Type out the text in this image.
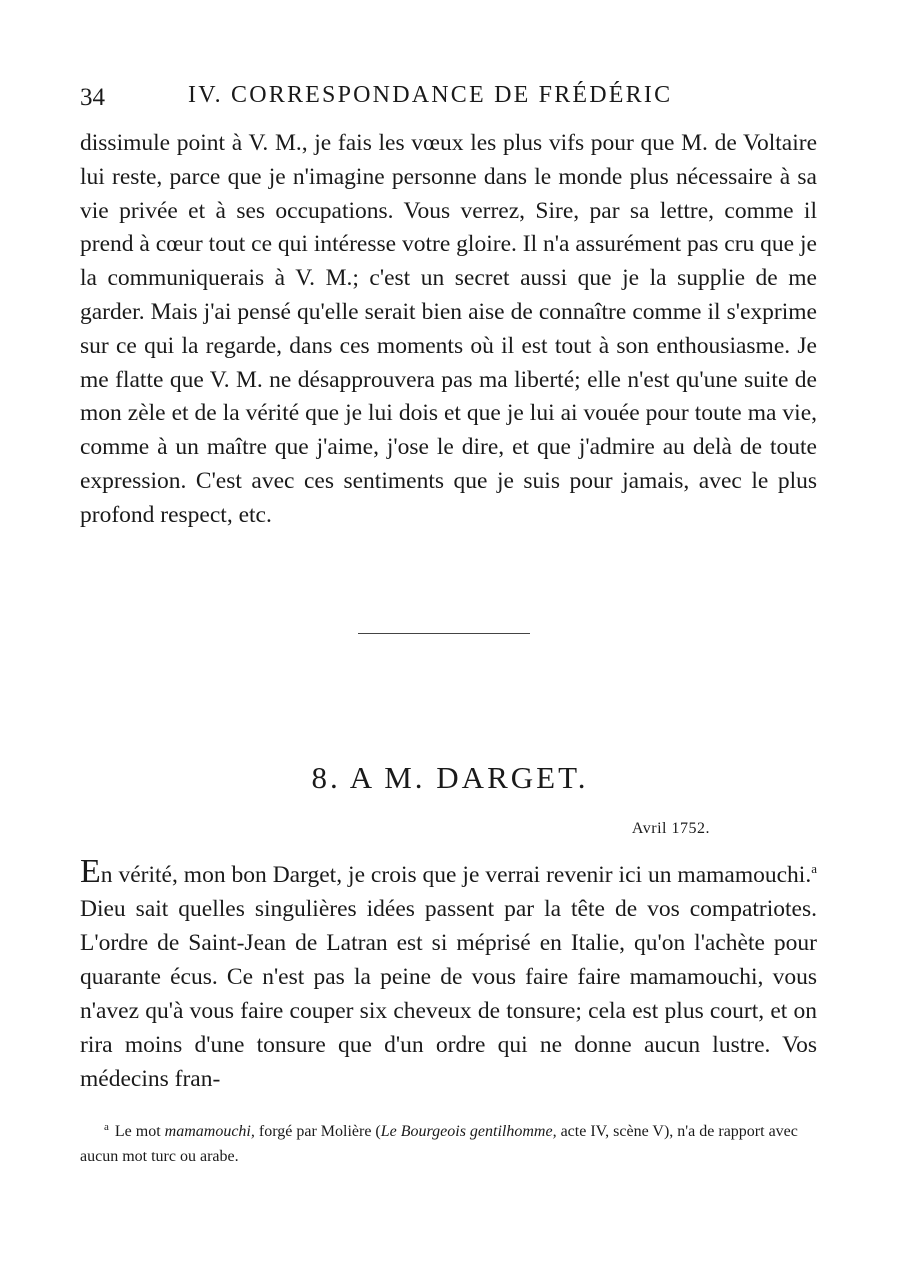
34	IV. CORRESPONDANCE DE FRÉDÉRIC

dissimule point à V. M., je fais les vœux les plus vifs pour que M. de Voltaire lui reste, parce que je n'imagine personne dans le monde plus nécessaire à sa vie privée et à ses occupations. Vous verrez, Sire, par sa lettre, comme il prend à cœur tout ce qui intéresse votre gloire. Il n'a assurément pas cru que je la communiquerais à V. M.; c'est un secret aussi que je la supplie de me garder. Mais j'ai pensé qu'elle serait bien aise de connaître comme il s'exprime sur ce qui la regarde, dans ces moments où il est tout à son enthousiasme. Je me flatte que V. M. ne désapprouvera pas ma liberté; elle n'est qu'une suite de mon zèle et de la vérité que je lui dois et que je lui ai vouée pour toute ma vie, comme à un maître que j'aime, j'ose le dire, et que j'admire au delà de toute expression. C'est avec ces sentiments que je suis pour jamais, avec le plus profond respect, etc.

8. A M. DARGET.
Avril 1752.

En vérité, mon bon Darget, je crois que je verrai revenir ici un mamamouchi.$^a$ Dieu sait quelles singulières idées passent par la tête de vos compatriotes. L'ordre de Saint-Jean de Latran est si méprisé en Italie, qu'on l'achète pour quarante écus. Ce n'est pas la peine de vous faire faire mamamouchi, vous n'avez qu'à vous faire couper six cheveux de tonsure; cela est plus court, et on rira moins d'une tonsure que d'un ordre qui ne donne aucun lustre. Vos médecins fran-

$^a$ Le mot mamamouchi, forgé par Molière (Le Bourgeois gentilhomme, acte IV, scène V), n'a de rapport avec aucun mot turc ou arabe.
